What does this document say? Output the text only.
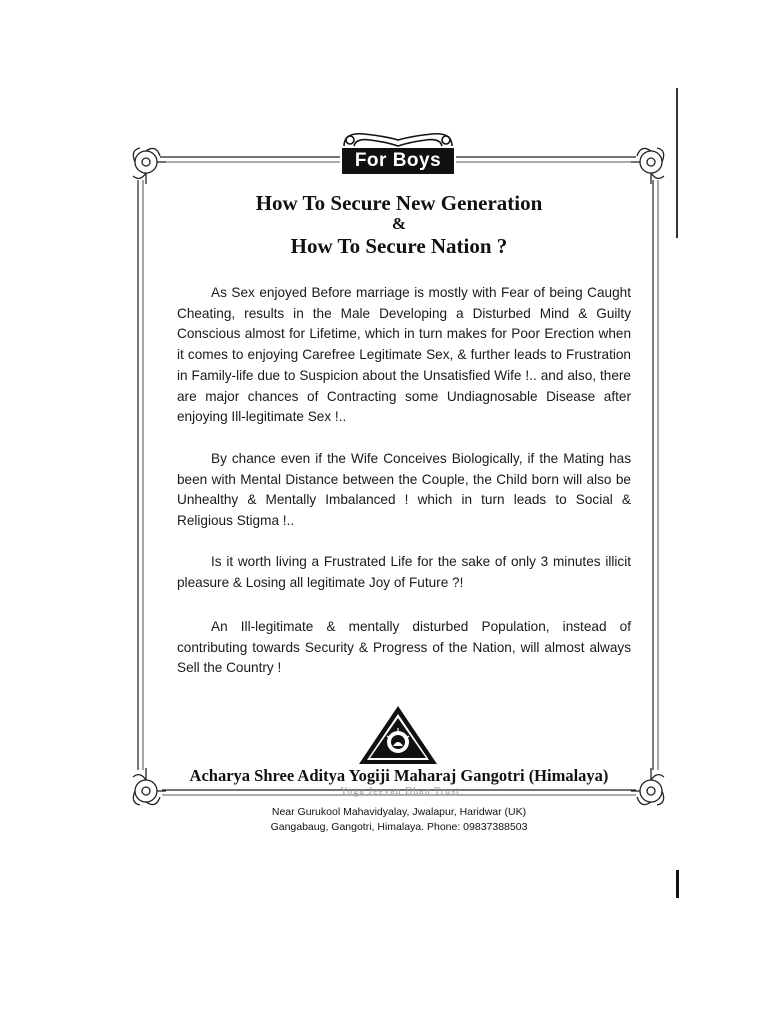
For Boys
How To Secure New Generation
&
How To Secure Nation ?

As Sex enjoyed Before marriage is mostly with Fear of being Caught Cheating, results in the Male Developing a Disturbed Mind & Guilty Conscious almost for Lifetime, which in turn makes for Poor Erection when it comes to enjoying Carefree Legitimate Sex, & further leads to Frustration in Family-life due to Suspicion about the Unsatisfied Wife !.. and also, there are major chances of Contracting some Undiagnosable Disease after enjoying Ill-legitimate Sex !..

By chance even if the Wife Conceives Biologically, if the Mating has been with Mental Distance between the Couple, the Child born will also be Unhealthy & Mentally Imbalanced ! which in turn leads to Social & Religious Stigma !..

Is it worth living a Frustrated Life for the sake of only 3 minutes illicit pleasure & Losing all legitimate Joy of Future ?!

An Ill-legitimate & mentally disturbed Population, instead of contributing towards Security & Progress of the Nation, will almost always Sell the Country !

Acharya Shree Aditya Yogiji Maharaj Gangotri (Himalaya)
Yoga Jeevan Dhan Trust
Near Gurukool Mahavidyalay, Jwalapur, Haridwar (UK)
Gangabaug, Gangotri, Himalaya. Phone: 09837388503
